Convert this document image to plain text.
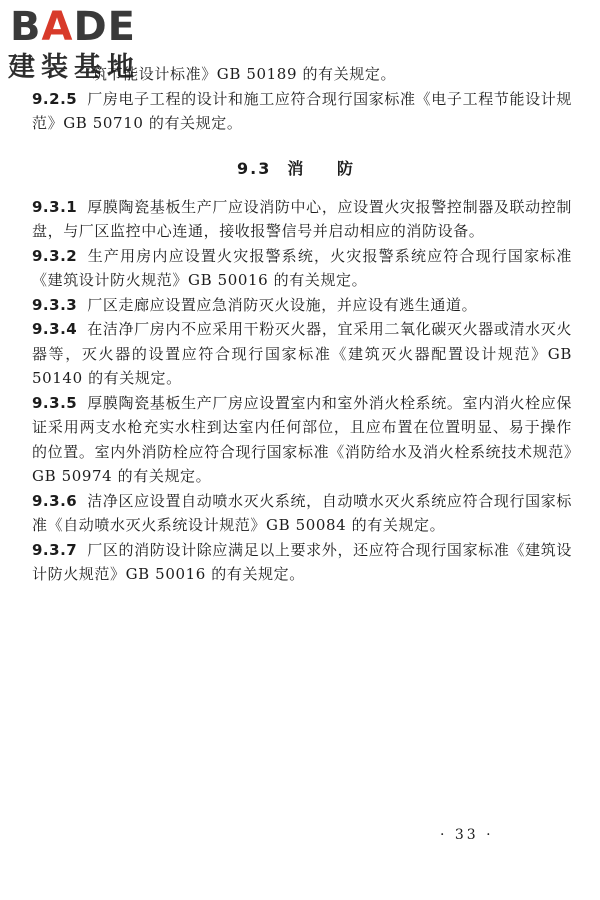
BADE
建装基地

筑节能设计标准》GB 50189 的有关规定。

9.2.5 厂房电子工程的设计和施工应符合现行国家标准《电子工程节能设计规范》GB 50710 的有关规定。

9.3 消 防

9.3.1 厚膜陶瓷基板生产厂应设消防中心，应设置火灾报警控制器及联动控制盘，与厂区监控中心连通，接收报警信号并启动相应的消防设备。

9.3.2 生产用房内应设置火灾报警系统，火灾报警系统应符合现行国家标准《建筑设计防火规范》GB 50016 的有关规定。

9.3.3 厂区走廊应设置应急消防灭火设施，并应设有逃生通道。

9.3.4 在洁净厂房内不应采用干粉灭火器，宜采用二氧化碳灭火器或清水灭火器等，灭火器的设置应符合现行国家标准《建筑灭火器配置设计规范》GB 50140 的有关规定。

9.3.5 厚膜陶瓷基板生产厂房应设置室内和室外消火栓系统。室内消火栓应保证采用两支水枪充实水柱到达室内任何部位，且应布置在位置明显、易于操作的位置。室内外消防栓应符合现行国家标准《消防给水及消火栓系统技术规范》GB 50974 的有关规定。

9.3.6 洁净区应设置自动喷水灭火系统，自动喷水灭火系统应符合现行国家标准《自动喷水灭火系统设计规范》GB 50084 的有关规定。

9.3.7 厂区的消防设计除应满足以上要求外，还应符合现行国家标准《建筑设计防火规范》GB 50016 的有关规定。

· 33 ·
